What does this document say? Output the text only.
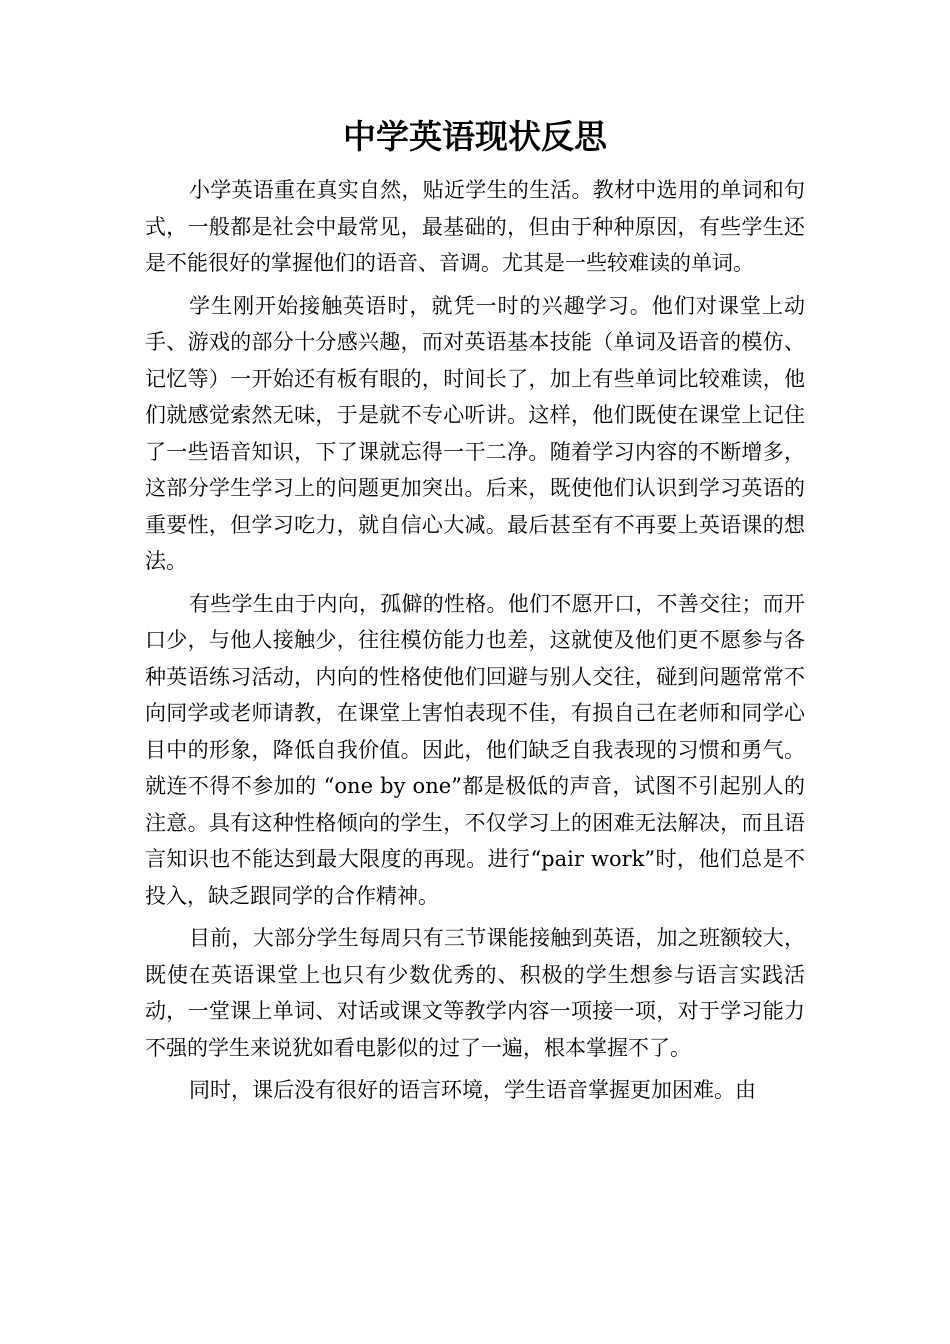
中学英语现状反思

小学英语重在真实自然，贴近学生的生活。教材中选用的单词和句式，一般都是社会中最常见，最基础的，但由于种种原因，有些学生还是不能很好的掌握他们的语音、音调。尤其是一些较难读的单词。

学生刚开始接触英语时，就凭一时的兴趣学习。他们对课堂上动手、游戏的部分十分感兴趣，而对英语基本技能（单词及语音的模仿、记忆等）一开始还有板有眼的，时间长了，加上有些单词比较难读，他们就感觉索然无味，于是就不专心听讲。这样，他们既使在课堂上记住了一些语音知识，下了课就忘得一干二净。随着学习内容的不断增多，这部分学生学习上的问题更加突出。后来，既使他们认识到学习英语的重要性，但学习吃力，就自信心大减。最后甚至有不再要上英语课的想法。

有些学生由于内向，孤僻的性格。他们不愿开口，不善交往；而开口少，与他人接触少，往往模仿能力也差，这就使及他们更不愿参与各种英语练习活动，内向的性格使他们回避与别人交往，碰到问题常常不向同学或老师请教，在课堂上害怕表现不佳，有损自己在老师和同学心目中的形象，降低自我价值。因此，他们缺乏自我表现的习惯和勇气。就连不得不参加的 “one by one”都是极低的声音，试图不引起别人的注意。具有这种性格倾向的学生，不仅学习上的困难无法解决，而且语言知识也不能达到最大限度的再现。进行“pair work”时，他们总是不投入，缺乏跟同学的合作精神。

目前，大部分学生每周只有三节课能接触到英语，加之班额较大，既使在英语课堂上也只有少数优秀的、积极的学生想参与语言实践活动，一堂课上单词、对话或课文等教学内容一项接一项，对于学习能力不强的学生来说犹如看电影似的过了一遍，根本掌握不了。

同时，课后没有很好的语言环境，学生语音掌握更加困难。由
